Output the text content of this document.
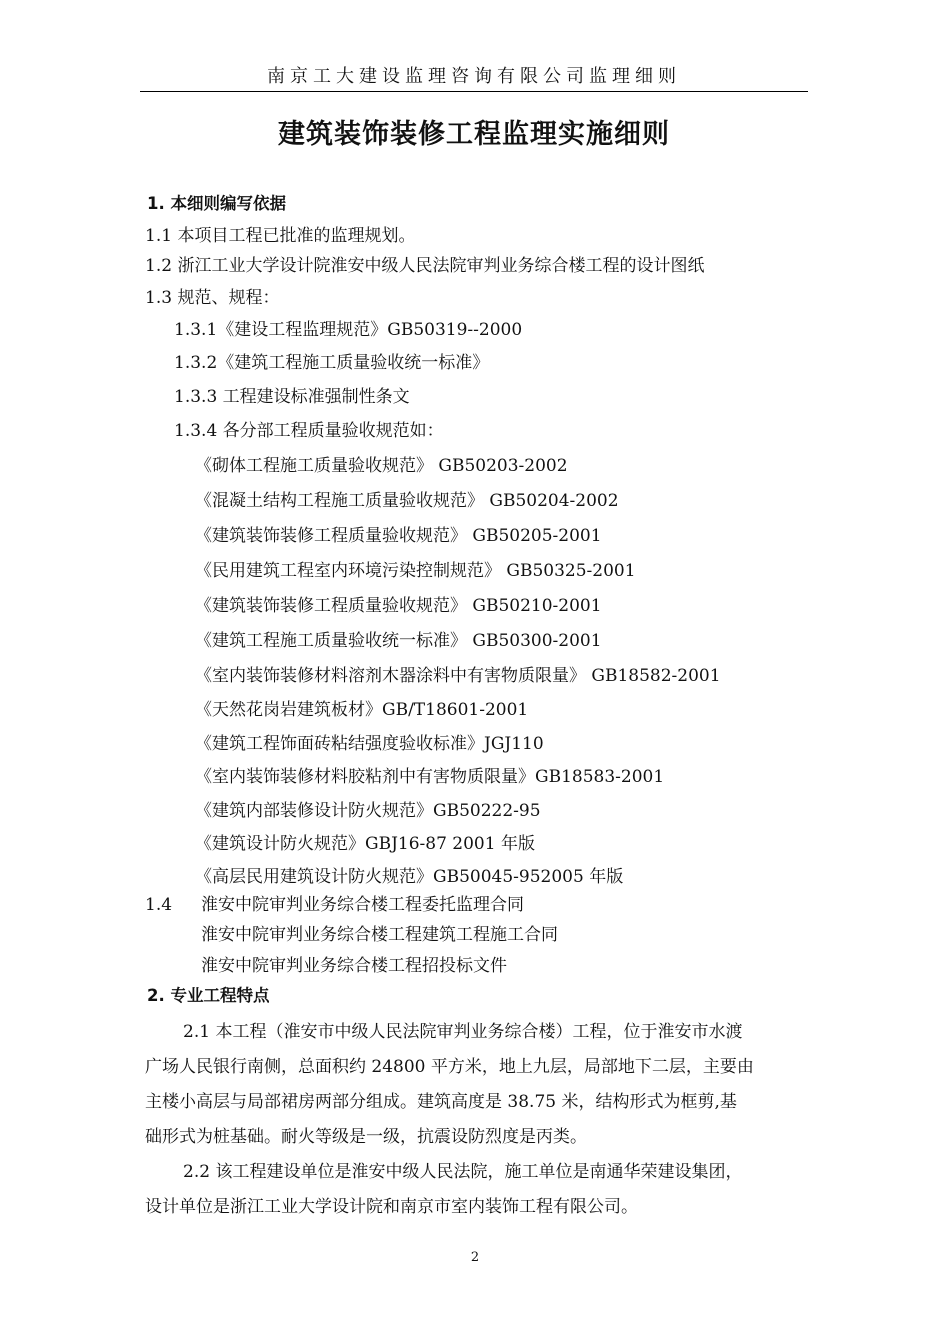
南京工大建设监理咨询有限公司监理细则
建筑装饰装修工程监理实施细则
1. 本细则编写依据
1.1 本项目工程已批准的监理规划。
1.2 浙江工业大学设计院淮安中级人民法院审判业务综合楼工程的设计图纸
1.3 规范、规程：
1.3.1《建设工程监理规范》GB50319--2000
1.3.2《建筑工程施工质量验收统一标准》
1.3.3 工程建设标准强制性条文
1.3.4 各分部工程质量验收规范如：
《砌体工程施工质量验收规范》 GB50203-2002
《混凝土结构工程施工质量验收规范》 GB50204-2002
《建筑装饰装修工程质量验收规范》 GB50205-2001
《民用建筑工程室内环境污染控制规范》 GB50325-2001
《建筑装饰装修工程质量验收规范》 GB50210-2001
《建筑工程施工质量验收统一标准》 GB50300-2001
《室内装饰装修材料溶剂木器涂料中有害物质限量》 GB18582-2001
《天然花岗岩建筑板材》GB/T18601-2001
《建筑工程饰面砖粘结强度验收标准》JGJ110
《室内装饰装修材料胶粘剂中有害物质限量》GB18583-2001
《建筑内部装修设计防火规范》GB50222-95
《建筑设计防火规范》GBJ16-87 2001 年版
《高层民用建筑设计防火规范》GB50045-952005 年版
1.4 淮安中院审判业务综合楼工程委托监理合同
淮安中院审判业务综合楼工程建筑工程施工合同
淮安中院审判业务综合楼工程招投标文件
2. 专业工程特点
2.1 本工程（淮安市中级人民法院审判业务综合楼）工程，位于淮安市水渡
广场人民银行南侧，总面积约 24800 平方米，地上九层，局部地下二层，主要由
主楼小高层与局部裙房两部分组成。建筑高度是 38.75 米，结构形式为框剪,基
础形式为桩基础。耐火等级是一级，抗震设防烈度是丙类。
2.2 该工程建设单位是淮安中级人民法院，施工单位是南通华荣建设集团，
设计单位是浙江工业大学设计院和南京市室内装饰工程有限公司。
2
